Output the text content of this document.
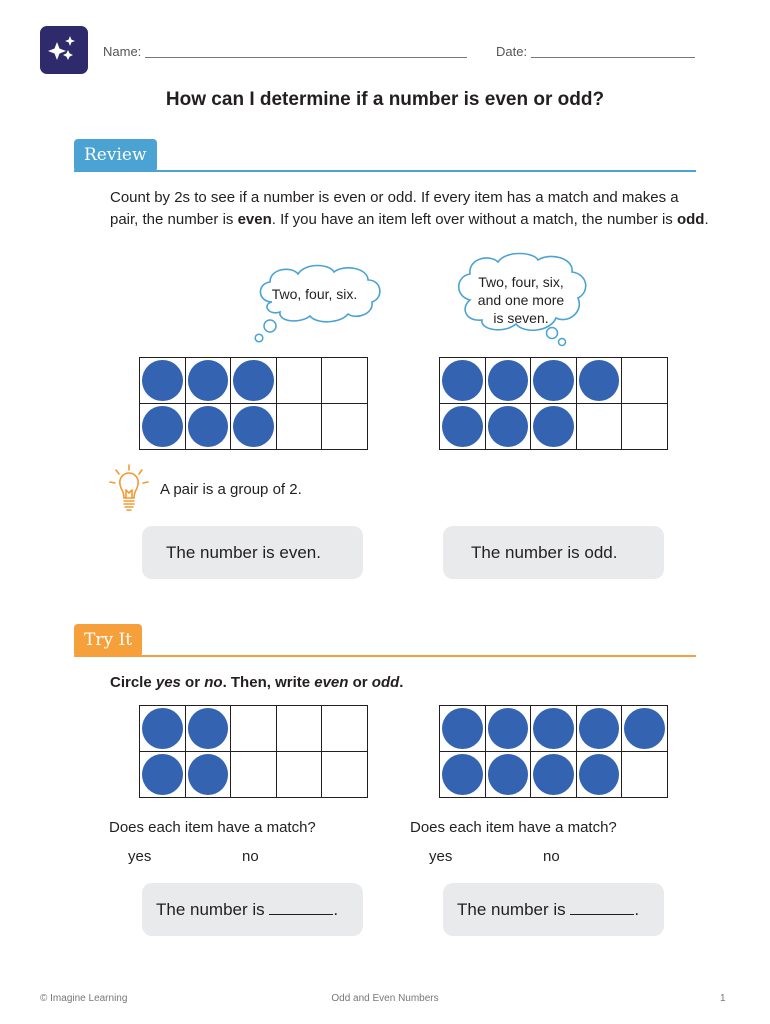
Name:	Date:
How can I determine if a number is even or odd?
Review

Count by 2s to see if a number is even or odd. If every item has a match and makes a pair, the number is even. If you have an item left over without a match, the number is odd.

Two, four, six.
Two, four, six,
and one more
is seven.
A pair is a group of 2.
The number is even.	The number is odd.
Try It
Circle yes or no. Then, write even or odd.
Does each item have a match?	Does each item have a match?
yes	no	yes	no
The number is	.	The number is	.
© Imagine Learning	Odd and Even Numbers	1
